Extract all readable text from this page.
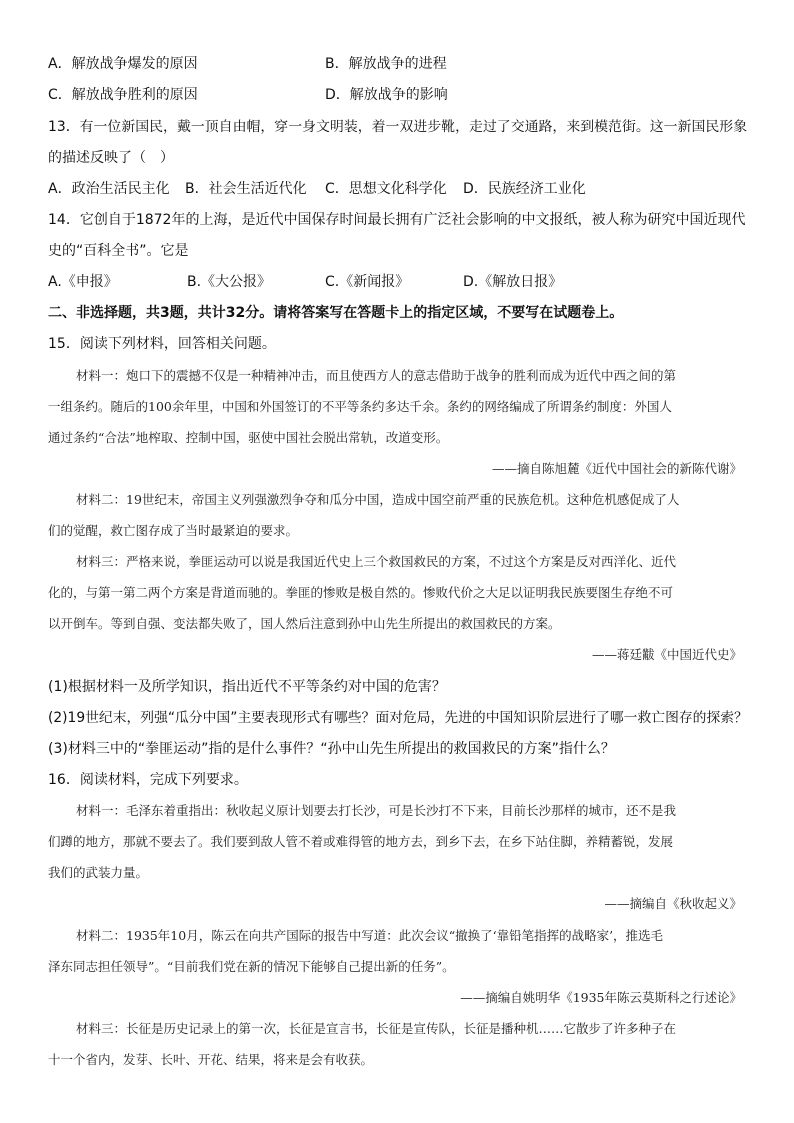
A．解放战争爆发的原因	B．解放战争的进程
C．解放战争胜利的原因	D．解放战争的影响
13．有一位新国民，戴一顶自由帽，穿一身文明装，着一双进步靴，走过了交通路，来到模范街。这一新国民形象
的描述反映了（　）
A．政治生活民主化 B．社会生活近代化 C．思想文化科学化 D．民族经济工业化
14．它创自于1872年的上海，是近代中国保存时间最长拥有广泛社会影响的中文报纸，被人称为研究中国近现代
史的“百科全书”。它是
A.《申报》	B.《大公报》	C.《新闻报》	D.《解放日报》
二、非选择题，共3题，共计32分。请将答案写在答题卡上的指定区域，不要写在试题卷上。
15．阅读下列材料，回答相关问题。
材料一：炮口下的震撼不仅是一种精神冲击，而且使西方人的意志借助于战争的胜利而成为近代中西之间的第
一组条约。随后的100余年里，中国和外国签订的不平等条约多达千余。条约的网络编成了所谓条约制度：外国人
通过条约“合法”地榨取、控制中国，驱使中国社会脱出常轨，改道变形。
——摘自陈旭麓《近代中国社会的新陈代谢》
材料二：19世纪末，帝国主义列强激烈争夺和瓜分中国，造成中国空前严重的民族危机。这种危机感促成了人
们的觉醒，救亡图存成了当时最紧迫的要求。
材料三：严格来说，拳匪运动可以说是我国近代史上三个救国救民的方案，不过这个方案是反对西洋化、近代
化的，与第一第二两个方案是背道而驰的。拳匪的惨败是极自然的。惨败代价之大足以证明我民族要图生存绝不可
以开倒车。等到自强、变法都失败了，国人然后注意到孙中山先生所提出的救国救民的方案。
——蒋廷黻《中国近代史》
(1)根据材料一及所学知识，指出近代不平等条约对中国的危害？
(2)19世纪末，列强“瓜分中国”主要表现形式有哪些？面对危局，先进的中国知识阶层进行了哪一救亡图存的探索？
(3)材料三中的“拳匪运动”指的是什么事件？“孙中山先生所提出的救国救民的方案”指什么？
16．阅读材料，完成下列要求。
材料一：毛泽东着重指出：秋收起义原计划要去打长沙，可是长沙打不下来，目前长沙那样的城市，还不是我
们蹲的地方，那就不要去了。我们要到敌人管不着或难得管的地方去，到乡下去，在乡下站住脚，养精蓄锐，发展
我们的武装力量。
——摘编自《秋收起义》
材料二：1935年10月，陈云在向共产国际的报告中写道：此次会议“撤换了‘靠铅笔指挥的战略家’，推选毛
泽东同志担任领导”。“目前我们党在新的情况下能够自己提出新的任务”。
——摘编自姚明华《1935年陈云莫斯科之行述论》
材料三：长征是历史记录上的第一次，长征是宣言书，长征是宣传队，长征是播种机……它散步了许多种子在
十一个省内，发芽、长叶、开花、结果，将来是会有收获。
